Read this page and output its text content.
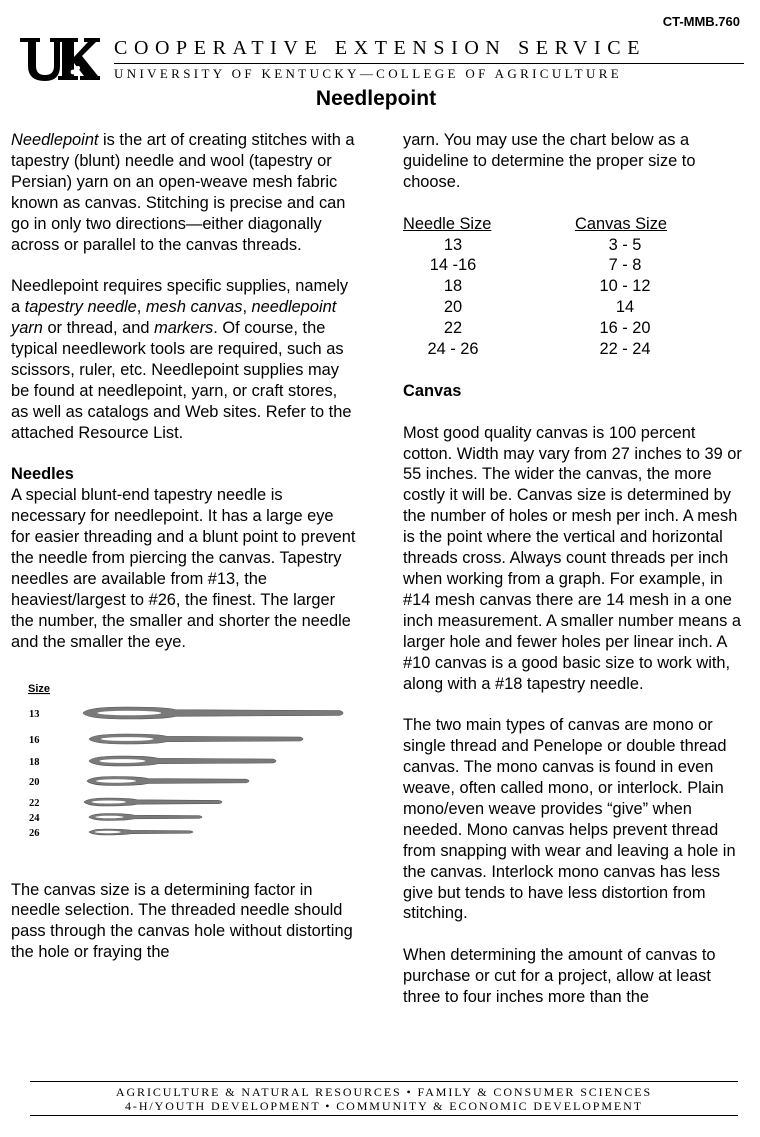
CT-MMB.760
COOPERATIVE EXTENSION SERVICE
UNIVERSITY OF KENTUCKY—COLLEGE OF AGRICULTURE
Needlepoint

Needlepoint is the art of creating stitches with a tapestry (blunt) needle and wool (tapestry or Persian) yarn on an open-weave mesh fabric known as canvas. Stitching is precise and can go in only two directions—either diagonally across or parallel to the canvas threads.

Needlepoint requires specific supplies, namely a tapestry needle, mesh canvas, needlepoint yarn or thread, and markers. Of course, the typical needlework tools are required, such as scissors, ruler, etc. Needlepoint supplies may be found at needlepoint, yarn, or craft stores, as well as catalogs and Web sites. Refer to the attached Resource List.

Needles

A special blunt-end tapestry needle is necessary for needlepoint. It has a large eye for easier threading and a blunt point to prevent the needle from piercing the canvas. Tapestry needles are available from #13, the heaviest/largest to #26, the finest. The larger the number, the smaller and shorter the needle and the smaller the eye.

Size
13
16
18
20
22
24
26

The canvas size is a determining factor in needle selection. The threaded needle should pass through the canvas hole without distorting the hole or fraying the

yarn. You may use the chart below as a guideline to determine the proper size to choose.

Needle Size		Canvas Size
13		3 - 5
14 -16		7 - 8
18		10 - 12
20		14
22		16 - 20
24 - 26		22 - 24
Canvas

Most good quality canvas is 100 percent cotton. Width may vary from 27 inches to 39 or 55 inches. The wider the canvas, the more costly it will be. Canvas size is determined by the number of holes or mesh per inch. A mesh is the point where the vertical and horizontal threads cross. Always count threads per inch when working from a graph. For example, in #14 mesh canvas there are 14 mesh in a one inch measurement. A smaller number means a larger hole and fewer holes per linear inch. A #10 canvas is a good basic size to work with, along with a #18 tapestry needle.

The two main types of canvas are mono or single thread and Penelope or double thread canvas. The mono canvas is found in even weave, often called mono, or interlock. Plain mono/even weave provides “give” when needed. Mono canvas helps prevent thread from snapping with wear and leaving a hole in the canvas. Interlock mono canvas has less give but tends to have less distortion from stitching.

When determining the amount of canvas to purchase or cut for a project, allow at least three to four inches more than the

AGRICULTURE & NATURAL RESOURCES • FAMILY & CONSUMER SCIENCES
4-H/YOUTH DEVELOPMENT • COMMUNITY & ECONOMIC DEVELOPMENT
